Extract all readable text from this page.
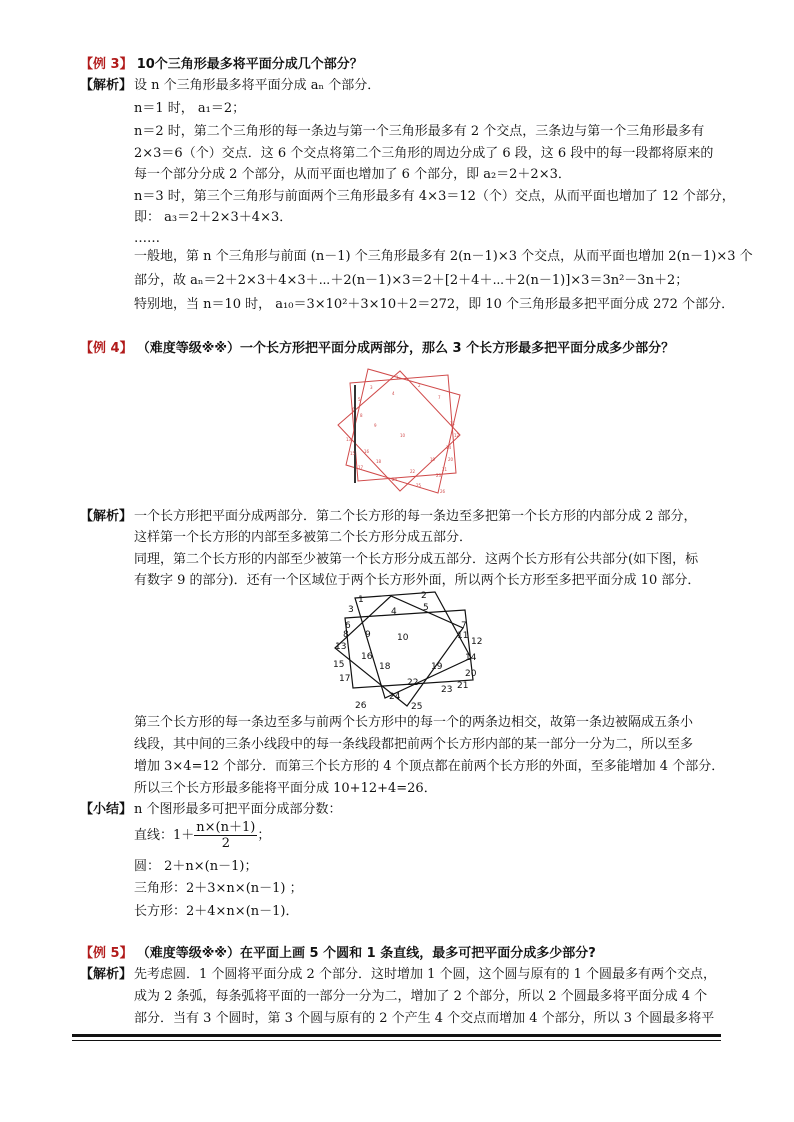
【例 3】 10个三角形最多将平面分成几个部分？
【解析】 设 n 个三角形最多将平面分成 aₙ 个部分．
n＝1 时， a₁＝2；
n＝2 时，第二个三角形的每一条边与第一个三角形最多有 2 个交点，三条边与第一个三角形最多有
2×3＝6（个）交点．这 6 个交点将第二个三角形的周边分成了 6 段，这 6 段中的每一段都将原来的
每一个部分分成 2 个部分，从而平面也增加了 6 个部分，即 a₂＝2＋2×3．
n＝3 时，第三个三角形与前面两个三角形最多有 4×3＝12（个）交点，从而平面也增加了 12 个部分，
即： a₃＝2＋2×3＋4×3．
……
一般地，第 n 个三角形与前面 (n－1) 个三角形最多有 2(n－1)×3 个交点，从而平面也增加 2(n－1)×3 个
部分，故 aₙ＝2＋2×3＋4×3＋⋯＋2(n－1)×3＝2＋[2＋4＋⋯＋2(n－1)]×3＝3n²－3n＋2；
特别地，当 n＝10 时， a₁₀＝3×10²＋3×10＋2＝272，即 10 个三角形最多把平面分成 272 个部分．
【例 4】 （难度等级※※）一个长方形把平面分成两部分，那么 3 个长方形最多把平面分成多少部分？
1
2
3
4
5
6
7
8
9
10
11
12
13
14
15 16
17
18	19	20
21
22
23
24
25
26
【解析】 一个长方形把平面分成两部分．第二个长方形的每一条边至多把第一个长方形的内部分成 2 部分，
这样第一个长方形的内部至多被第二个长方形分成五部分．
同理，第二个长方形的内部至少被第一个长方形分成五部分．这两个长方形有公共部分(如下图，标
有数字 9 的部分)．还有一个区域位于两个长方形外面，所以两个长方形至多把平面分成 10 部分．
1	2
3	4	5
6	7
8 9	10	11
12
13
14
15
16
17
18	19
20
21
22
23
24
25
26
第三个长方形的每一条边至多与前两个长方形中的每一个的两条边相交，故第一条边被隔成五条小
线段，其中间的三条小线段中的每一条线段都把前两个长方形内部的某一部分一分为二，所以至多
增加 3×4=12 个部分．而第三个长方形的 4 个顶点都在前两个长方形的外面，至多能增加 4 个部分．
所以三个长方形最多能将平面分成 10+12+4=26．
【小结】 n 个图形最多可把平面分成部分数：
直线：$1+ \frac{n\times(n+1)}{2}$ ；
圆： 2＋n×(n－1)；
三角形：2＋3×n×(n－1) ；
长方形：2＋4×n×(n－1)．
【例 5】 （难度等级※※）在平面上画 5 个圆和 1 条直线，最多可把平面分成多少部分?
【解析】 先考虑圆．1 个圆将平面分成 2 个部分．这时增加 1 个圆，这个圆与原有的 1 个圆最多有两个交点，
成为 2 条弧，每条弧将平面的一部分一分为二，增加了 2 个部分，所以 2 个圆最多将平面分成 4 个
部分．当有 3 个圆时，第 3 个圆与原有的 2 个产生 4 个交点而增加 4 个部分，所以 3 个圆最多将平
